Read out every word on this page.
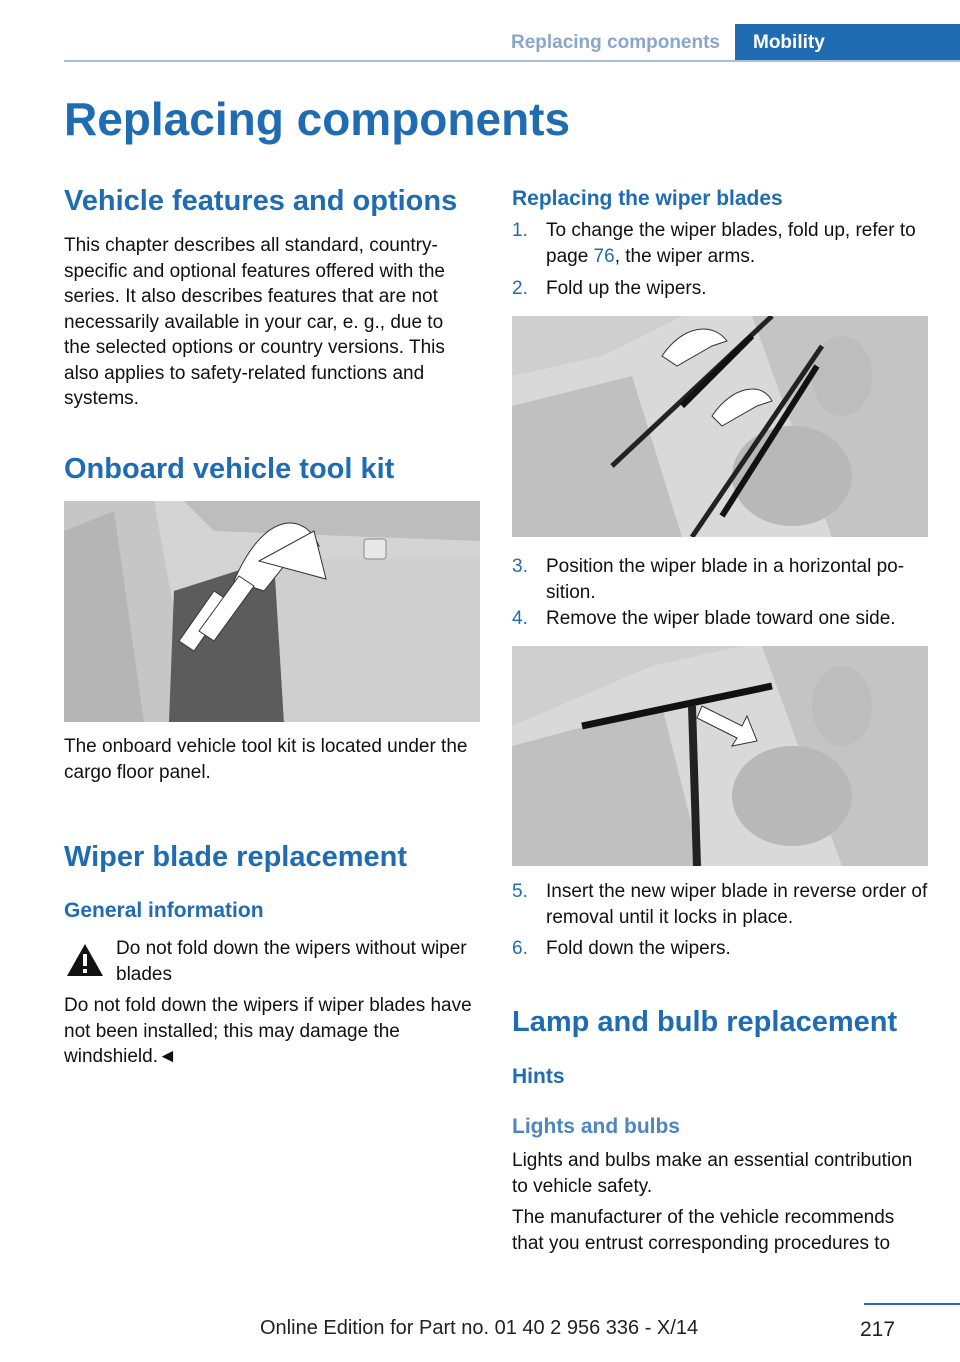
Replacing components	Mobility
Replacing components
Vehicle features and options
This chapter describes all standard, country-specific and optional features offered with the series. It also describes features that are not necessarily available in your car, e. g., due to the selected options or country versions. This also applies to safety-related functions and systems.
Onboard vehicle tool kit
The onboard vehicle tool kit is located under the cargo floor panel.
Wiper blade replacement
General information
Do not fold down the wipers without wiper blades
Do not fold down the wipers if wiper blades have not been installed; this may damage the windshield.◄
Replacing the wiper blades
1. To change the wiper blades, fold up, refer to page 76, the wiper arms.
2. Fold up the wipers.
3. Position the wiper blade in a horizontal position.
4. Remove the wiper blade toward one side.
5. Insert the new wiper blade in reverse order of removal until it locks in place.
6. Fold down the wipers.
Lamp and bulb replacement
Hints
Lights and bulbs
Lights and bulbs make an essential contribution to vehicle safety.
The manufacturer of the vehicle recommends that you entrust corresponding procedures to
217
Online Edition for Part no. 01 40 2 956 336 - X/14
